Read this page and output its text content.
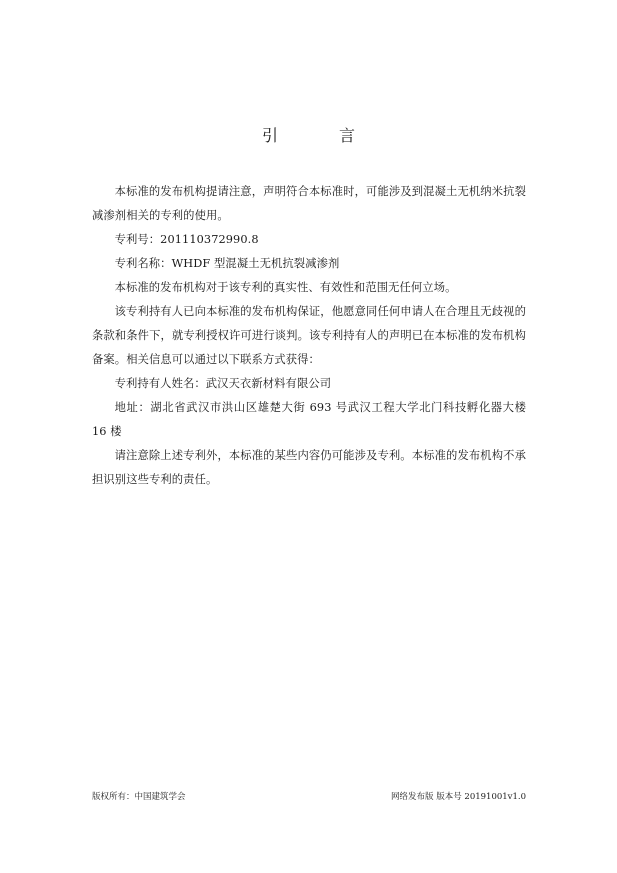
引 言

本标准的发布机构提请注意，声明符合本标准时，可能涉及到混凝土无机纳米抗裂减渗剂相关的专利的使用。

专利号：201110372990.8

专利名称：WHDF 型混凝土无机抗裂减渗剂

本标准的发布机构对于该专利的真实性、有效性和范围无任何立场。

该专利持有人已向本标准的发布机构保证，他愿意同任何申请人在合理且无歧视的条款和条件下，就专利授权许可进行谈判。该专利持有人的声明已在本标准的发布机构备案。相关信息可以通过以下联系方式获得：

专利持有人姓名：武汉天衣新材料有限公司

地址：湖北省武汉市洪山区雄楚大街 693 号武汉工程大学北门科技孵化器大楼 16 楼

请注意除上述专利外，本标准的某些内容仍可能涉及专利。本标准的发布机构不承担识别这些专利的责任。

版权所有：中国建筑学会	网络发布版 版本号 20191001v1.0
